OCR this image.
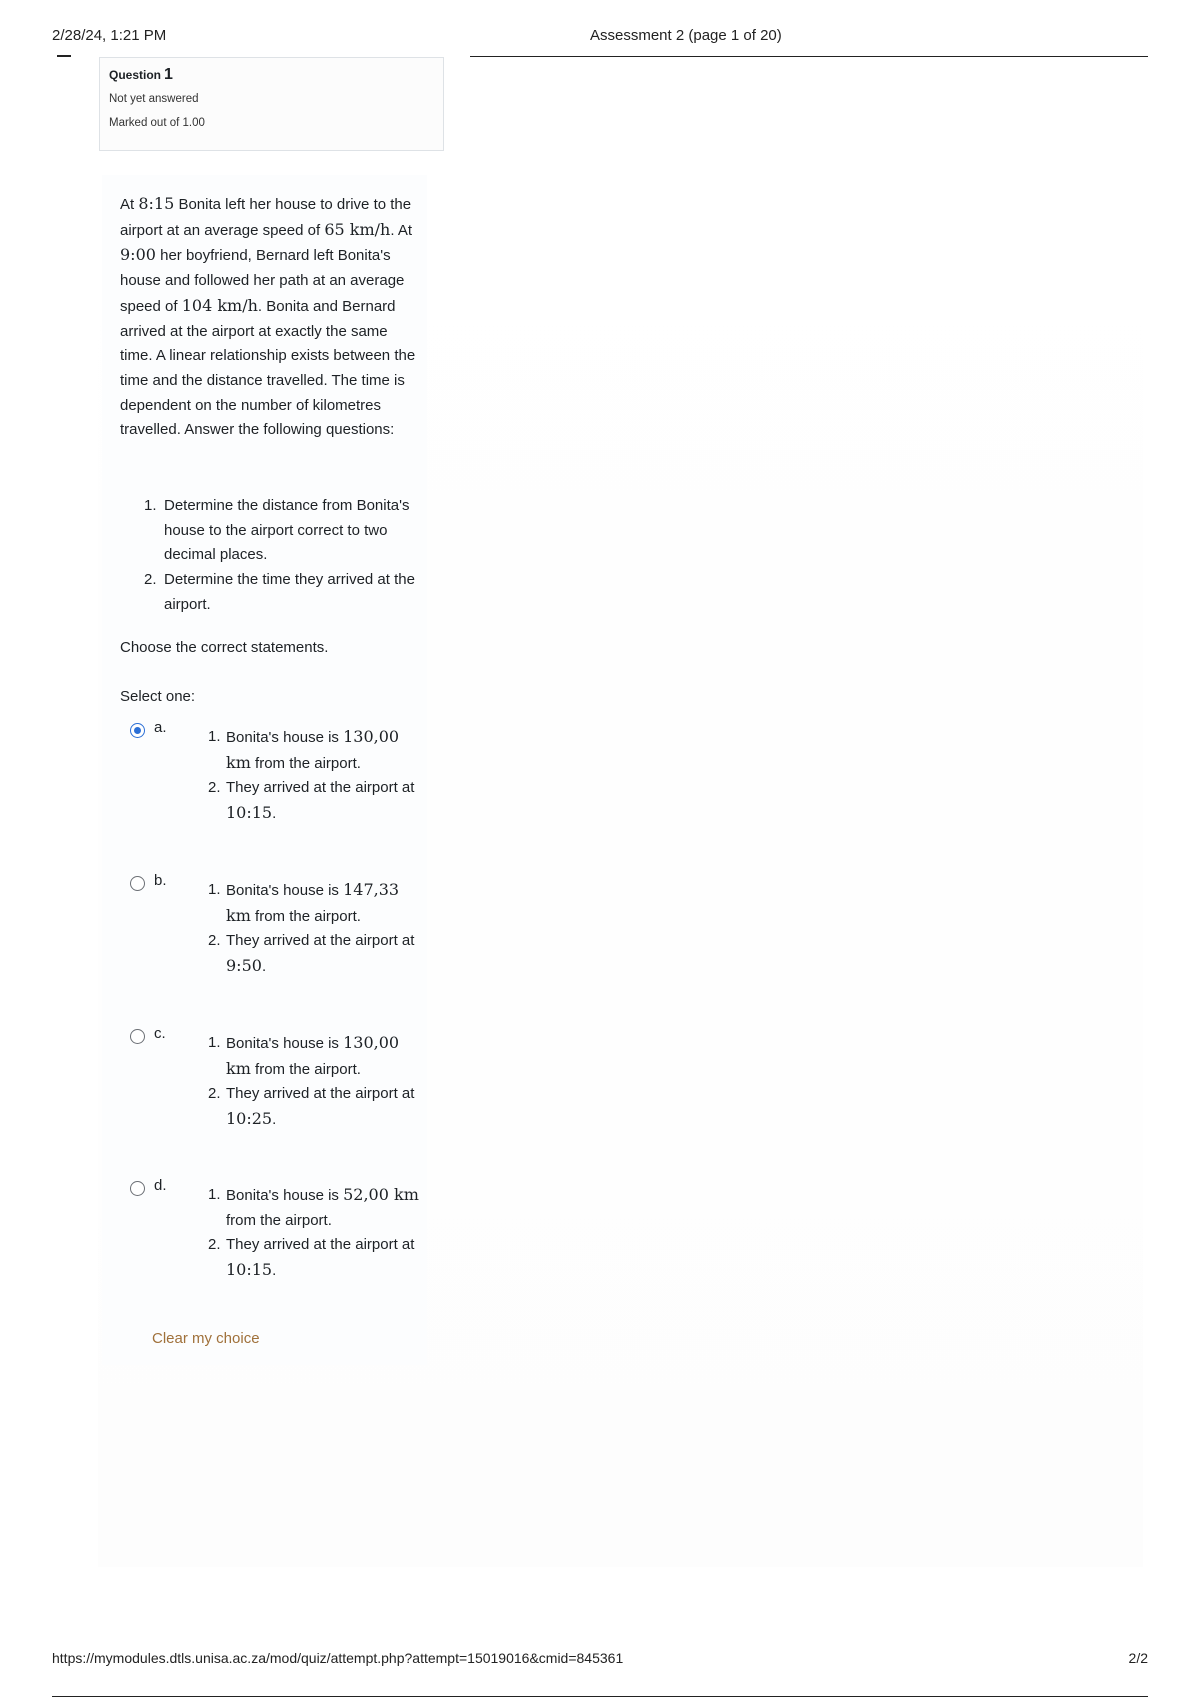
2/28/24, 1:21 PM	Assessment 2 (page 1 of 20)
Question 1
Not yet answered
Marked out of 1.00
At 8:15 Bonita left her house to drive to the airport at an average speed of 65 km/h. At 9:00 her boyfriend, Bernard left Bonita's house and followed her path at an average speed of 104 km/h. Bonita and Bernard arrived at the airport at exactly the same time. A linear relationship exists between the time and the distance travelled. The time is dependent on the number of kilometres travelled. Answer the following questions:
1. Determine the distance from Bonita's house to the airport correct to two decimal places.
2. Determine the time they arrived at the airport.
Choose the correct statements.
Select one:
a.
1. Bonita's house is 130,00 km from the airport.
2. They arrived at the airport at 10:15.
b.
1. Bonita's house is 147,33 km from the airport.
2. They arrived at the airport at 9:50.
c.
1. Bonita's house is 130,00 km from the airport.
2. They arrived at the airport at 10:25.
d.
1. Bonita's house is 52,00 km from the airport.
2. They arrived at the airport at 10:15.
Clear my choice
https://mymodules.dtls.unisa.ac.za/mod/quiz/attempt.php?attempt=15019016&cmid=845361	2/2
